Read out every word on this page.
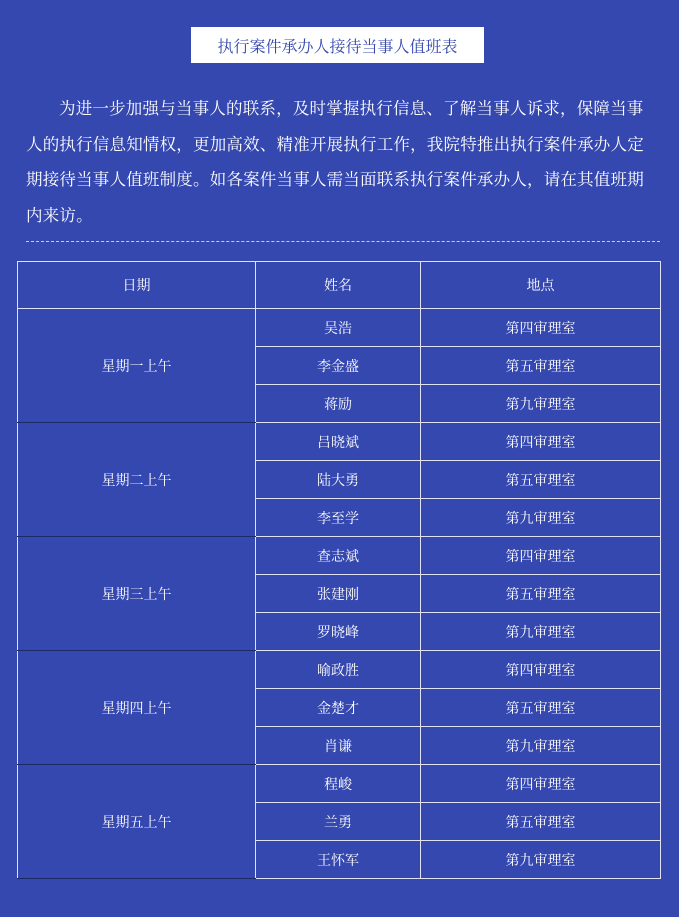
执行案件承办人接待当事人值班表

为进一步加强与当事人的联系，及时掌握执行信息、了解当事人诉求，保障当事人的执行信息知情权，更加高效、精准开展执行工作，我院特推出执行案件承办人定期接待当事人值班制度。如各案件当事人需当面联系执行案件承办人，请在其值班期内来访。

日期	姓名	地点
星期一上午	吴浩	第四审理室
	李金盛	第五审理室
	蒋励	第九审理室
星期二上午	吕晓斌	第四审理室
	陆大勇	第五审理室
	李至学	第九审理室
星期三上午	查志斌	第四审理室
	张建刚	第五审理室
	罗晓峰	第九审理室
星期四上午	喻政胜	第四审理室
	金楚才	第五审理室
	肖谦	第九审理室
星期五上午	程峻	第四审理室
	兰勇	第五审理室
	王怀军	第九审理室
